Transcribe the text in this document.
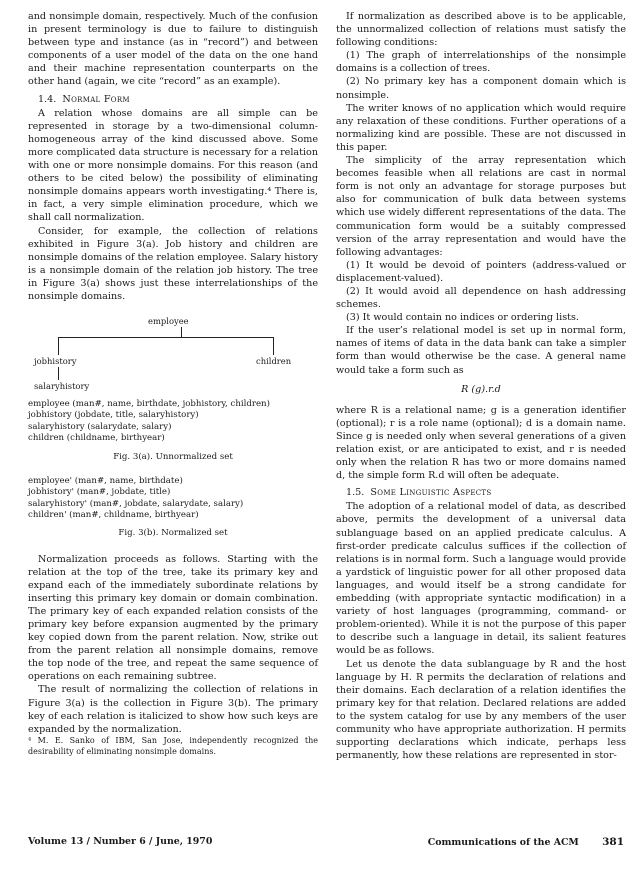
and nonsimple domain, respectively. Much of the confusion in present terminology is due to failure to distinguish between type and instance (as in “record”) and between components of a user model of the data on the one hand and their machine representation counterparts on the other hand (again, we cite “record” as an example).

1.4. Normal Form

A relation whose domains are all simple can be represented in storage by a two-dimensional column-homogeneous array of the kind discussed above. Some more complicated data structure is necessary for a relation with one or more nonsimple domains. For this reason (and others to be cited below) the possibility of eliminating nonsimple domains appears worth investigating.⁴ There is, in fact, a very simple elimination procedure, which we shall call normalization.

Consider, for example, the collection of relations exhibited in Figure 3(a). Job history and children are nonsimple domains of the relation employee. Salary history is a nonsimple domain of the relation job history. The tree in Figure 3(a) shows just these interrelationships of the nonsimple domains.

employee
jobhistory	children
salaryhistory
employee (man#, name, birthdate, jobhistory, children)
jobhistory (jobdate, title, salaryhistory)
salaryhistory (salarydate, salary)
children (childname, birthyear)
Fig. 3(a). Unnormalized set
employee' (man#, name, birthdate)
jobhistory' (man#, jobdate, title)
salaryhistory' (man#, jobdate, salarydate, salary)
children' (man#, childname, birthyear)
Fig. 3(b). Normalized set

Normalization proceeds as follows. Starting with the relation at the top of the tree, take its primary key and expand each of the immediately subordinate relations by inserting this primary key domain or domain combination. The primary key of each expanded relation consists of the primary key before expansion augmented by the primary key copied down from the parent relation. Now, strike out from the parent relation all nonsimple domains, remove the top node of the tree, and repeat the same sequence of operations on each remaining subtree.

The result of normalizing the collection of relations in Figure 3(a) is the collection in Figure 3(b). The primary key of each relation is italicized to show how such keys are expanded by the normalization.

⁴ M. E. Sanko of IBM, San Jose, independently recognized the desirability of eliminating nonsimple domains.

If normalization as described above is to be applicable, the unnormalized collection of relations must satisfy the following conditions:

(1) The graph of interrelationships of the nonsimple domains is a collection of trees.

(2) No primary key has a component domain which is nonsimple.

The writer knows of no application which would require any relaxation of these conditions. Further operations of a normalizing kind are possible. These are not discussed in this paper.

The simplicity of the array representation which becomes feasible when all relations are cast in normal form is not only an advantage for storage purposes but also for communication of bulk data between systems which use widely different representations of the data. The communication form would be a suitably compressed version of the array representation and would have the following advantages:

(1) It would be devoid of pointers (address-valued or displacement-valued).

(2) It would avoid all dependence on hash addressing schemes.

(3) It would contain no indices or ordering lists.

If the user’s relational model is set up in normal form, names of items of data in the data bank can take a simpler form than would otherwise be the case. A general name would take a form such as

R (g).r.d

where R is a relational name; g is a generation identifier (optional); r is a role name (optional); d is a domain name. Since g is needed only when several generations of a given relation exist, or are anticipated to exist, and r is needed only when the relation R has two or more domains named d, the simple form R.d will often be adequate.

1.5. Some Linguistic Aspects

The adoption of a relational model of data, as described above, permits the development of a universal data sublanguage based on an applied predicate calculus. A first-order predicate calculus suffices if the collection of relations is in normal form. Such a language would provide a yardstick of linguistic power for all other proposed data languages, and would itself be a strong candidate for embedding (with appropriate syntactic modification) in a variety of host languages (programming, command- or problem-oriented). While it is not the purpose of this paper to describe such a language in detail, its salient features would be as follows.

Let us denote the data sublanguage by R and the host language by H. R permits the declaration of relations and their domains. Each declaration of a relation identifies the primary key for that relation. Declared relations are added to the system catalog for use by any members of the user community who have appropriate authorization. H permits supporting declarations which indicate, perhaps less permanently, how these relations are represented in stor-

Volume 13 / Number 6 / June, 1970	Communications of the ACM 381
